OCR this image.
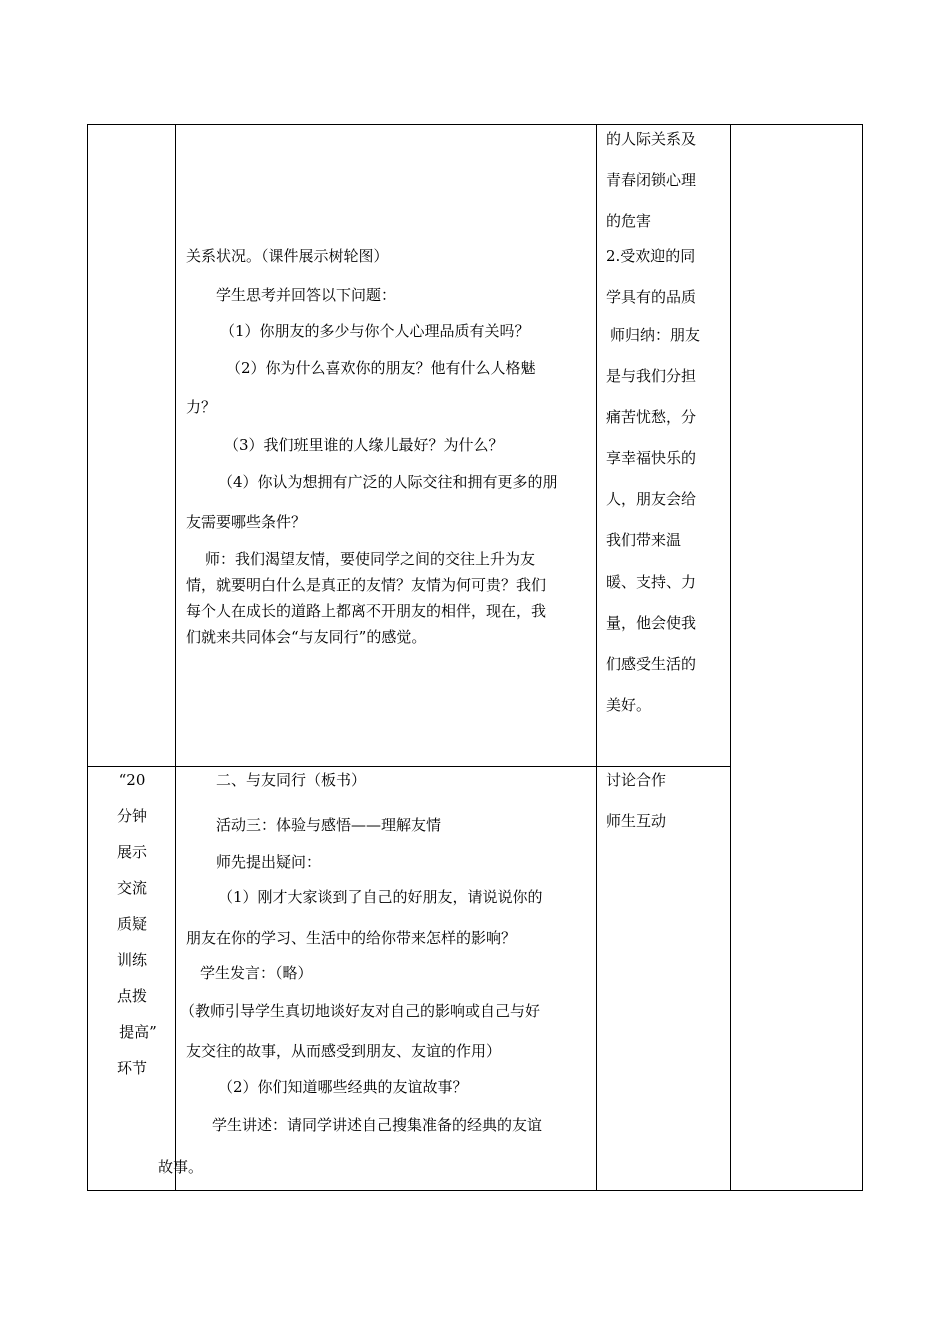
关系状况。（课件展示树轮图）
学生思考并回答以下问题：
（1）你朋友的多少与你个人心理品质有关吗？
（2）你为什么喜欢你的朋友？他有什么人格魅
力？
（3）我们班里谁的人缘儿最好？为什么？
（4）你认为想拥有广泛的人际交往和拥有更多的朋
友需要哪些条件？
师：我们渴望友情，要使同学之间的交往上升为友
情，就要明白什么是真正的友情？友情为何可贵？我们
每个人在成长的道路上都离不开朋友的相伴，现在，我
们就来共同体会“与友同行”的感觉。
的人际关系及
青春闭锁心理
的危害
2.受欢迎的同
学具有的品质
师归纳：朋友
是与我们分担
痛苦忧愁，分
享幸福快乐的
人，朋友会给
我们带来温
暖、支持、力
量，他会使我
们感受生活的
美好。
“20
分钟
展示
交流
质疑
训练
点拨
提高”
环节
二、与友同行（板书）
活动三：体验与感悟——理解友情
师先提出疑问：
（1）刚才大家谈到了自己的好朋友，请说说你的
朋友在你的学习、生活中的给你带来怎样的影响？
学生发言：（略）
（教师引导学生真切地谈好友对自己的影响或自己与好
友交往的故事，从而感受到朋友、友谊的作用）
（2）你们知道哪些经典的友谊故事？
学生讲述：请同学讲述自己搜集准备的经典的友谊
故事。
讨论合作
师生互动
